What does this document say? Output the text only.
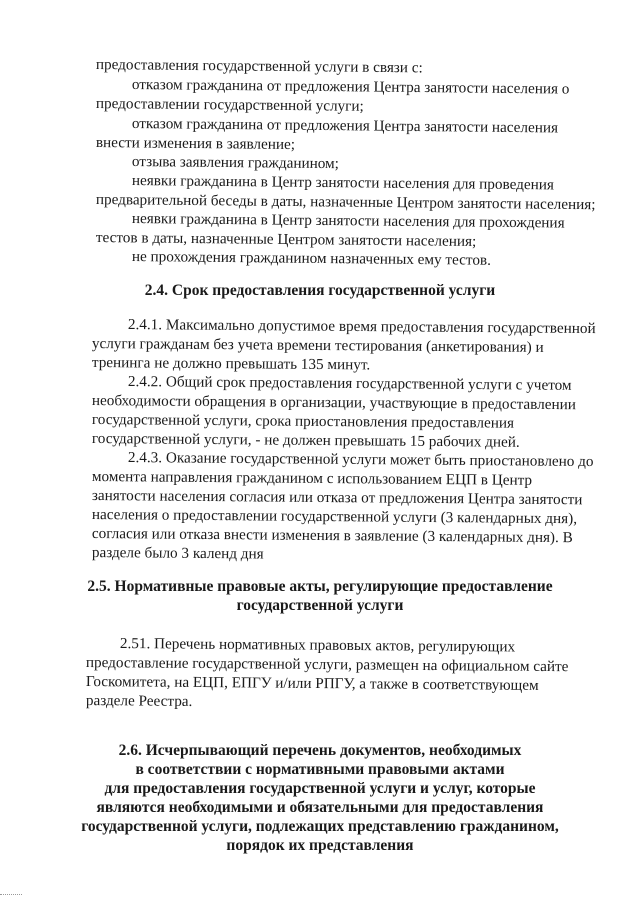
предоставления государственной услуги в связи с:
отказом гражданина от предложения Центра занятости населения о
предоставлении государственной услуги;
отказом гражданина от предложения Центра занятости населения
внести изменения в заявление;
отзыва заявления гражданином;
неявки гражданина в Центр занятости населения для проведения
предварительной беседы в даты, назначенные Центром занятости населения;
неявки гражданина в Центр занятости населения для прохождения
тестов в даты, назначенные Центром занятости населения;
не прохождения гражданином назначенных ему тестов.
2.4. Срок предоставления государственной услуги
2.4.1. Максимально допустимое время предоставления государственной
услуги гражданам без учета времени тестирования (анкетирования) и
тренинга не должно превышать 135 минут.
2.4.2. Общий срок предоставления государственной услуги с учетом
необходимости обращения в организации, участвующие в предоставлении
государственной услуги, срока приостановления предоставления
государственной услуги, - не должен превышать 15 рабочих дней.
2.4.3. Оказание государственной услуги может быть приостановлено до
момента направления гражданином с использованием ЕЦП в Центр
занятости населения согласия или отказа от предложения Центра занятости
населения о предоставлении государственной услуги (3 календарных дня),
согласия или отказа внести изменения в заявление (3 календарных дня). В
разделе было 3 календ дня
2.5. Нормативные правовые акты, регулирующие предоставление
государственной услуги
2.51. Перечень нормативных правовых актов, регулирующих
предоставление государственной услуги, размещен на официальном сайте
Госкомитета, на ЕЦП, ЕПГУ и/или РПГУ, а также в соответствующем
разделе Реестра.
2.6. Исчерпывающий перечень документов, необходимых
в соответствии с нормативными правовыми актами
для предоставления государственной услуги и услуг, которые
являются необходимыми и обязательными для предоставления
государственной услуги, подлежащих представлению гражданином,
порядок их представления
